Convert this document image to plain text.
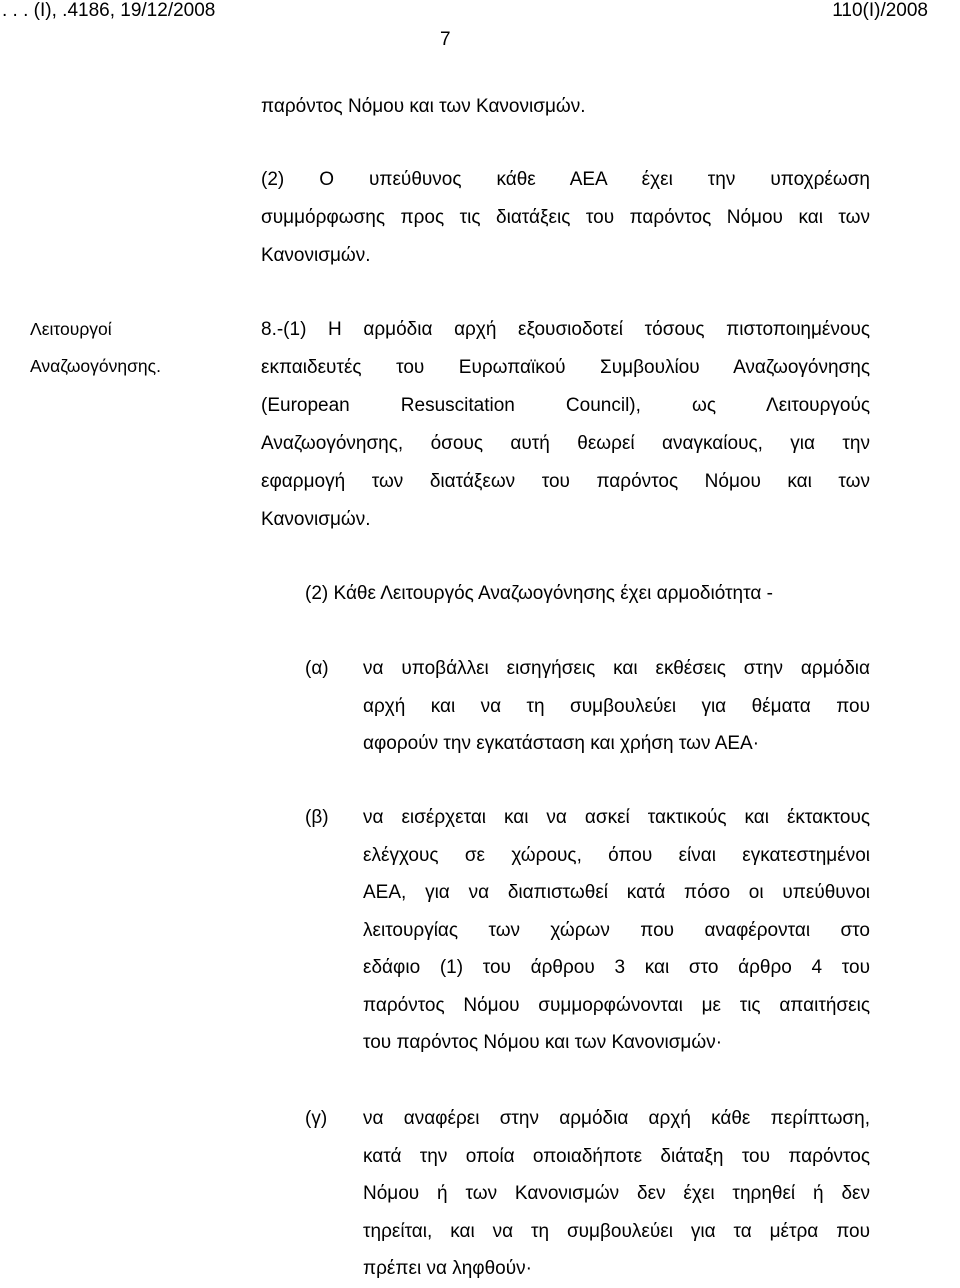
. . . (Ι), .4186, 19/12/2008	110(Ι)/2008
7
παρόντος Νόμου και των Κανονισμών.
(2) Ο υπεύθυνος κάθε ΑΕΑ έχει την υποχρέωση
συμμόρφωσης προς τις διατάξεις του παρόντος Νόμου και των
Κανονισμών.
Λειτουργοί
Αναζωογόνησης.
8.-(1) Η αρμόδια αρχή εξουσιοδοτεί τόσους πιστοποιημένους
εκπαιδευτές του Ευρωπαϊκού Συμβουλίου Αναζωογόνησης
(European Resuscitation Council), ως Λειτουργούς
Αναζωογόνησης, όσους αυτή θεωρεί αναγκαίους, για την
εφαρμογή των διατάξεων του παρόντος Νόμου και των
Κανονισμών.
(2) Κάθε Λειτουργός Αναζωογόνησης έχει αρμοδιότητα -
(α) να υποβάλλει εισηγήσεις και εκθέσεις στην αρμόδια
αρχή και να τη συμβουλεύει για θέματα που
αφορούν την εγκατάσταση και χρήση των ΑΕΑ·
(β) να εισέρχεται και να ασκεί τακτικούς και έκτακτους
ελέγχους σε χώρους, όπου είναι εγκατεστημένοι
ΑΕΑ, για να διαπιστωθεί κατά πόσο οι υπεύθυνοι
λειτουργίας των χώρων που αναφέρονται στο
εδάφιο (1) του άρθρου 3 και στο άρθρο 4 του
παρόντος Νόμου συμμορφώνονται με τις απαιτήσεις
του παρόντος Νόμου και των Κανονισμών·
(γ) να αναφέρει στην αρμόδια αρχή κάθε περίπτωση,
κατά την οποία οποιαδήποτε διάταξη του παρόντος
Νόμου ή των Κανονισμών δεν έχει τηρηθεί ή δεν
τηρείται, και να τη συμβουλεύει για τα μέτρα που
πρέπει να ληφθούν·
